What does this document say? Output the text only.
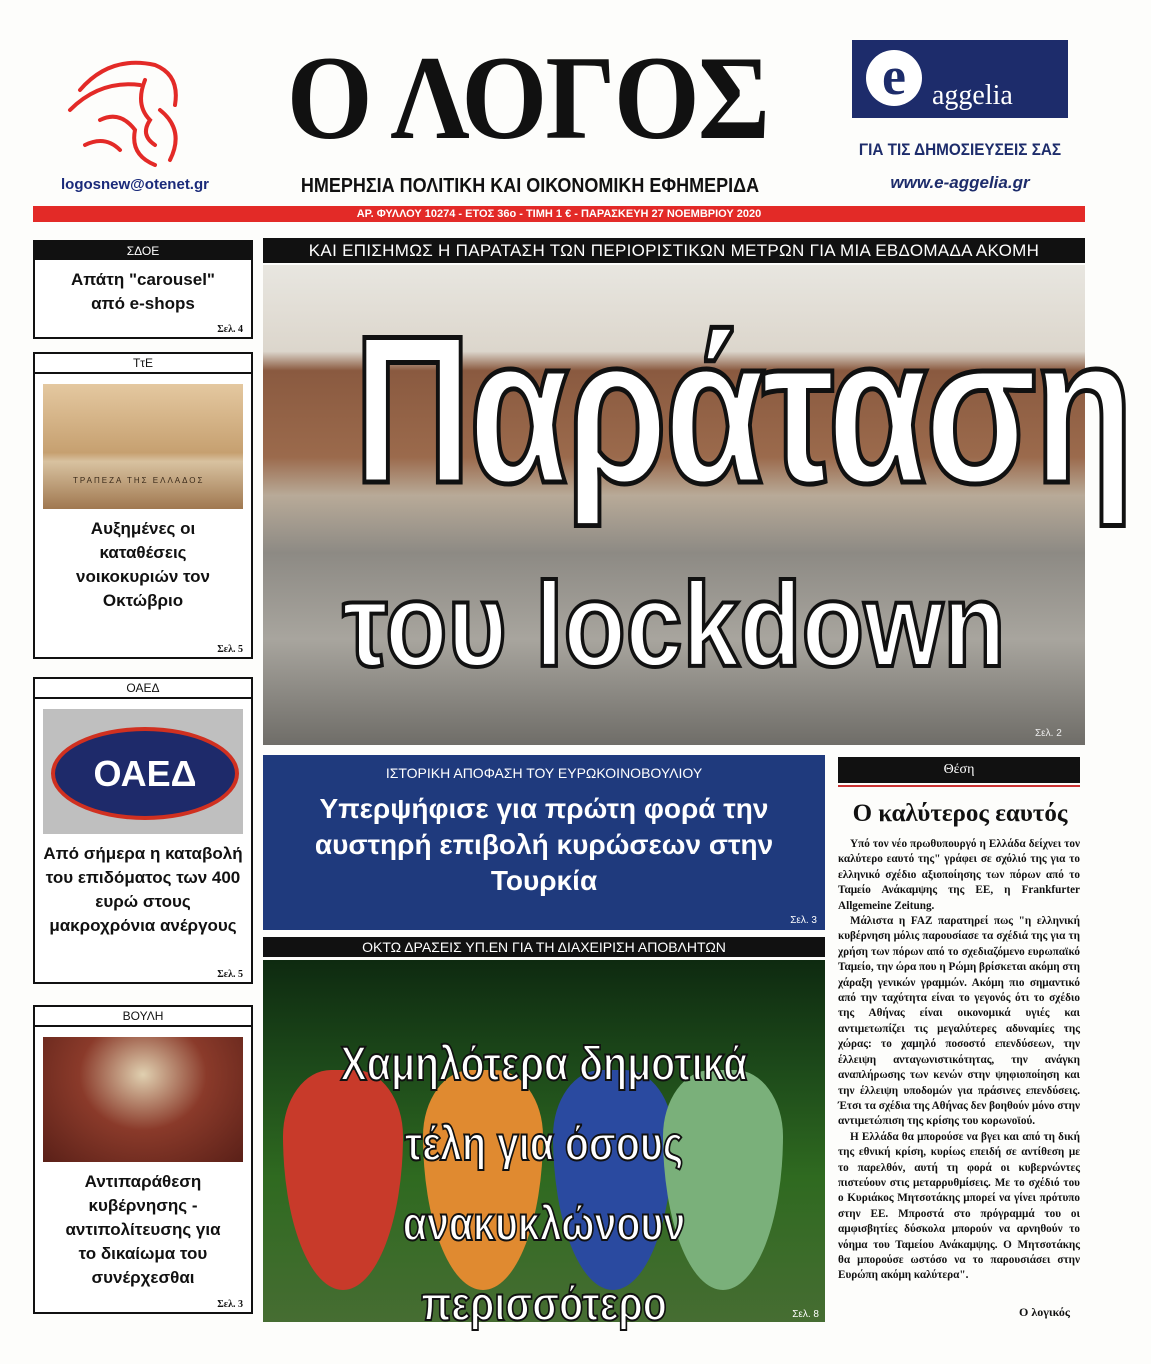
logosnew@otenet.gr
Ο ΛΟΓΟΣ
ΗΜΕΡΗΣΙΑ ΠΟΛΙΤΙΚΗ ΚΑΙ ΟΙΚΟΝΟΜΙΚΗ ΕΦΗΜΕΡΙΔΑ
e aggelia
ΓΙΑ ΤΙΣ ΔΗΜΟΣΙΕΥΣΕΙΣ ΣΑΣ
www.e-aggelia.gr
ΑΡ. ΦΥΛΛΟΥ 10274 - ΕΤΟΣ 36ο - ΤΙΜΗ 1 € - ΠΑΡΑΣΚΕΥΗ 27 ΝΟΕΜΒΡΙΟΥ 2020
ΣΔΟΕ
Απάτη "carousel" από e-shops
Σελ. 4
ΤτΕ
ΤΡΑΠΕΖΑ ΤΗΣ ΕΛΛΑΔΟΣ
Αυξημένες οι καταθέσεις νοικοκυριών τον Οκτώβριο
Σελ. 5
ΟΑΕΔ
ΟΑΕΔ
Από σήμερα η καταβολή του επιδόματος των 400 ευρώ στους μακροχρόνια ανέργους
Σελ. 5
ΒΟΥΛΗ
Αντιπαράθεση κυβέρνησης - αντιπολίτευσης για το δικαίωμα του συνέρχεσθαι
Σελ. 3
ΚΑΙ ΕΠΙΣΗΜΩΣ Η ΠΑΡΑΤΑΣΗ ΤΩΝ ΠΕΡΙΟΡΙΣΤΙΚΩΝ ΜΕΤΡΩΝ ΓΙΑ ΜΙΑ ΕΒΔΟΜΑΔΑ ΑΚΟΜΗ
Παράταση
του lockdown
Σελ. 2
ΙΣΤΟΡΙΚΗ ΑΠΟΦΑΣΗ ΤΟΥ ΕΥΡΩΚΟΙΝΟΒΟΥΛΙΟΥ
Υπερψήφισε για πρώτη φορά την αυστηρή επιβολή κυρώσεων στην Τουρκία
Σελ. 3
ΟΚΤΩ ΔΡΑΣΕΙΣ ΥΠ.ΕΝ ΓΙΑ ΤΗ ΔΙΑΧΕΙΡΙΣΗ ΑΠΟΒΛΗΤΩΝ
Σελ. 8
Χαμηλότερα δημοτικά τέλη για όσους ανακυκλώνουν περισσότερο
Θέση
Ο καλύτερος εαυτός

Υπό τον νέο πρωθυπουργό η Ελλάδα δείχνει τον καλύτερο εαυτό της" γράφει σε σχόλιό της για το ελληνικό σχέδιο αξιοποίησης των πόρων από το Ταμείο Ανάκαμψης της ΕΕ, η Frankfurter Allgemeine Zeitung.

Μάλιστα η FAZ παρατηρεί πως "η ελληνική κυβέρνηση μόλις παρουσίασε τα σχέδιά της για τη χρήση των πόρων από το σχεδιαζόμενο ευρωπαϊκό Ταμείο, την ώρα που η Ρώμη βρίσκεται ακόμη στη χάραξη γενικών γραμμών. Ακόμη πιο σημαντικό από την ταχύτητα είναι το γεγονός ότι το σχέδιο της Αθήνας είναι οικονομικά υγιές και αντιμετωπίζει τις μεγαλύτερες αδυναμίες της χώρας: το χαμηλό ποσοστό επενδύσεων, την έλλειψη ανταγωνιστικότητας, την ανάγκη αναπλήρωσης των κενών στην ψηφιοποίηση και την έλλειψη υποδομών για πράσινες επενδύσεις. Έτσι τα σχέδια της Αθήνας δεν βοηθούν μόνο στην αντιμετώπιση της κρίσης του κορωνοϊού.

Η Ελλάδα θα μπορούσε να βγει και από τη δική της εθνική κρίση, κυρίως επειδή σε αντίθεση με το παρελθόν, αυτή τη φορά οι κυβερνώντες πιστεύουν στις μεταρρυθμίσεις. Με το σχέδιό του ο Κυριάκος Μητσοτάκης μπορεί να γίνει πρότυπο στην ΕΕ. Μπροστά στο πρόγραμμά του οι αμφισβητίες δύσκολα μπορούν να αρνηθούν το νόημα του Ταμείου Ανάκαμψης. Ο Μητσοτάκης θα μπορούσε ωστόσο να το παρουσιάσει στην Ευρώπη ακόμη καλύτερα".

Ο λογικός
